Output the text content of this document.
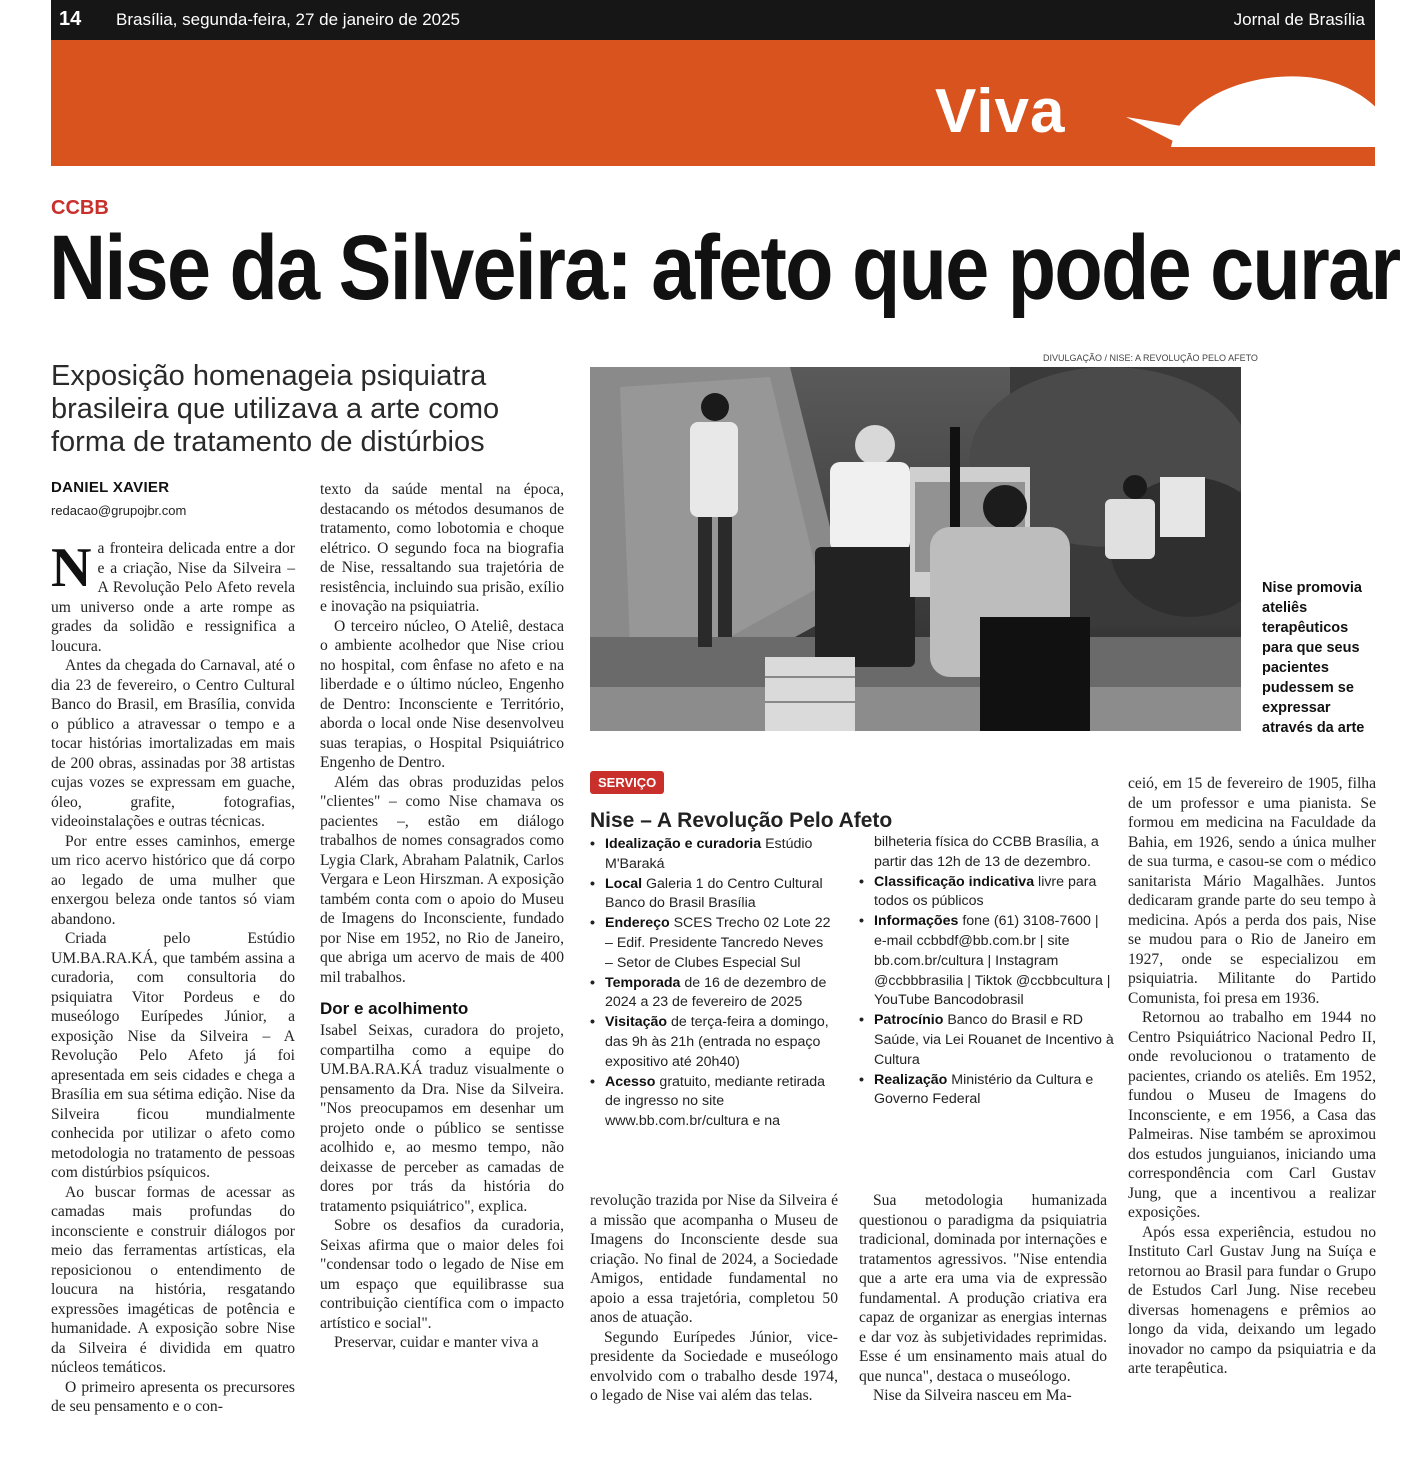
14 Brasília, segunda-feira, 27 de janeiro de 2025	Jornal de Brasília
Viva
CCBB
Nise da Silveira: afeto que pode curar
Exposição homenageia psiquiatra brasileira que utilizava a arte como forma de tratamento de distúrbios
DANIEL XAVIER
redacao@grupojbr.com

Na fronteira delicada entre a dor e a criação, Nise da Silveira – A Revolução Pelo Afeto revela um universo onde a arte rompe as grades da solidão e ressignifica a loucura.

Antes da chegada do Carnaval, até o dia 23 de fevereiro, o Centro Cultural Banco do Brasil, em Brasília, convida o público a atravessar o tempo e a tocar histórias imortalizadas em mais de 200 obras, assinadas por 38 artistas cujas vozes se expressam em guache, óleo, grafite, fotografias, videoinstalações e outras técnicas.

Por entre esses caminhos, emerge um rico acervo histórico que dá corpo ao legado de uma mulher que enxergou beleza onde tantos só viam abandono.

Criada pelo Estúdio UM.BA.RA.KÁ, que também assina a curadoria, com consultoria do psiquiatra Vitor Pordeus e do museólogo Eurípedes Júnior, a exposição Nise da Silveira – A Revolução Pelo Afeto já foi apresentada em seis cidades e chega a Brasília em sua sétima edição. Nise da Silveira ficou mundialmente conhecida por utilizar o afeto como metodologia no tratamento de pessoas com distúrbios psíquicos.

Ao buscar formas de acessar as camadas mais profundas do inconsciente e construir diálogos por meio das ferramentas artísticas, ela reposicionou o entendimento de loucura na história, resgatando expressões imagéticas de potência e humanidade. A exposição sobre Nise da Silveira é dividida em quatro núcleos temáticos.

O primeiro apresenta os precursores de seu pensamento e o con-

texto da saúde mental na época, destacando os métodos desumanos de tratamento, como lobotomia e choque elétrico. O segundo foca na biografia de Nise, ressaltando sua trajetória de resistência, incluindo sua prisão, exílio e inovação na psiquiatria.

O terceiro núcleo, O Ateliê, destaca o ambiente acolhedor que Nise criou no hospital, com ênfase no afeto e na liberdade e o último núcleo, Engenho de Dentro: Inconsciente e Território, aborda o local onde Nise desenvolveu suas terapias, o Hospital Psiquiátrico Engenho de Dentro.

Além das obras produzidas pelos "clientes" – como Nise chamava os pacientes –, estão em diálogo trabalhos de nomes consagrados como Lygia Clark, Abraham Palatnik, Carlos Vergara e Leon Hirszman. A exposição também conta com o apoio do Museu de Imagens do Inconsciente, fundado por Nise em 1952, no Rio de Janeiro, que abriga um acervo de mais de 400 mil trabalhos.

Dor e acolhimento

Isabel Seixas, curadora do projeto, compartilha como a equipe do UM.BA.RA.KÁ traduz visualmente o pensamento da Dra. Nise da Silveira. "Nos preocupamos em desenhar um projeto onde o público se sentisse acolhido e, ao mesmo tempo, não deixasse de perceber as camadas de dores por trás da história do tratamento psiquiátrico", explica.

Sobre os desafios da curadoria, Seixas afirma que o maior deles foi "condensar todo o legado de Nise em um espaço que equilibrasse sua contribuição científica com o impacto artístico e social".

Preservar, cuidar e manter viva a

DIVULGAÇÃO / NISE: A REVOLUÇÃO PELO AFETO
Nise promovia ateliês terapêuticos para que seus pacientes pudessem se expressar através da arte
SERVIÇO
Nise – A Revolução Pelo Afeto

• Idealização e curadoria Estúdio M'Baraká

• Local Galeria 1 do Centro Cultural Banco do Brasil Brasília

• Endereço SCES Trecho 02 Lote 22 – Edif. Presidente Tancredo Neves – Setor de Clubes Especial Sul

• Temporada de 16 de dezembro de 2024 a 23 de fevereiro de 2025

• Visitação de terça-feira a domingo, das 9h às 21h (entrada no espaço expositivo até 20h40)

• Acesso gratuito, mediante retirada de ingresso no site www.bb.com.br/cultura e na

bilheteria física do CCBB Brasília, a partir das 12h de 13 de dezembro.

• Classificação indicativa livre para todos os públicos

• Informações fone (61) 3108-7600 | e-mail ccbbdf@bb.com.br | site bb.com.br/cultura | Instagram @ccbbbrasilia | Tiktok @ccbbcultura | YouTube Bancodobrasil

• Patrocínio Banco do Brasil e RD Saúde, via Lei Rouanet de Incentivo à Cultura

• Realização Ministério da Cultura e Governo Federal

revolução trazida por Nise da Silveira é a missão que acompanha o Museu de Imagens do Inconsciente desde sua criação. No final de 2024, a Sociedade Amigos, entidade fundamental no apoio a essa trajetória, completou 50 anos de atuação.

Segundo Eurípedes Júnior, vice-presidente da Sociedade e museólogo envolvido com o trabalho desde 1974, o legado de Nise vai além das telas.

Sua metodologia humanizada questionou o paradigma da psiquiatria tradicional, dominada por internações e tratamentos agressivos. "Nise entendia que a arte era uma via de expressão fundamental. A produção criativa era capaz de organizar as energias internas e dar voz às subjetividades reprimidas. Esse é um ensinamento mais atual do que nunca", destaca o museólogo.

Nise da Silveira nasceu em Ma-

ceió, em 15 de fevereiro de 1905, filha de um professor e uma pianista. Se formou em medicina na Faculdade da Bahia, em 1926, sendo a única mulher de sua turma, e casou-se com o médico sanitarista Mário Magalhães. Juntos dedicaram grande parte do seu tempo à medicina. Após a perda dos pais, Nise se mudou para o Rio de Janeiro em 1927, onde se especializou em psiquiatria. Militante do Partido Comunista, foi presa em 1936.

Retornou ao trabalho em 1944 no Centro Psiquiátrico Nacional Pedro II, onde revolucionou o tratamento de pacientes, criando os ateliês. Em 1952, fundou o Museu de Imagens do Inconsciente, e em 1956, a Casa das Palmeiras. Nise também se aproximou dos estudos junguianos, iniciando uma correspondência com Carl Gustav Jung, que a incentivou a realizar exposições.

Após essa experiência, estudou no Instituto Carl Gustav Jung na Suíça e retornou ao Brasil para fundar o Grupo de Estudos Carl Jung. Nise recebeu diversas homenagens e prêmios ao longo da vida, deixando um legado inovador no campo da psiquiatria e da arte terapêutica.
